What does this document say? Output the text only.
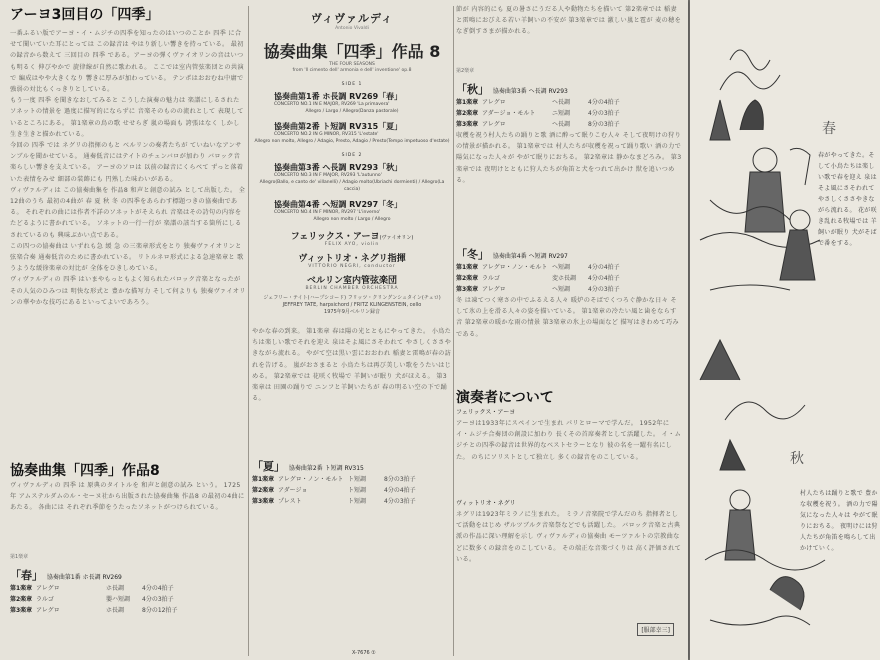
アーヨ3回目の「四季」

一番ふるい版でアーヨ・イ・ムジチの四季を知ったのはいつのことか 四季 に合せて聞いていた耳にとっては この録音は やはり新しい響きを持っている。 最初の録音から数えて 三回目の 四季 である。アーヨの弾くヴァイオリンの音はいつも明るく 伸びやかで 旋律線が自然に歌われる。 ここでは室内管弦楽団との共演で 編成はやや大きくなり 響きに厚みが加わっている。 テンポはおおむね中庸で 強弱の対比もくっきりとしている。

もう一度 四季 を聞きなおしてみると こうした演奏の魅力は 楽譜にしるされたソネットの情景を 過度に描写的にならずに 音楽そのものの流れとして 表現しているところにある。 第1楽章の鳥の歌 せせらぎ 嵐の場面も 誇張はなく しかし生き生きと描かれている。

今回の 四季 では ネグリの指揮のもと ベルリンの奏者たちが ていねいなアンサンブルを聞かせている。 通奏低音にはテイトのチェンバロが加わり バロック音楽らしい響きを支えている。 アーヨのソロは 以前の録音にくらべて ずっと落着いた表情をみせ 細部の装飾にも 円熟した味わいがある。

ヴィヴァルディは この協奏曲集を 作品8 和声と創意の試み として出版した。 全12曲のうち 最初の4曲が 春 夏 秋 冬 の四季をあらわす標題つきの協奏曲である。 それぞれの曲には作者不詳のソネットがそえられ 音楽はその詩句の内容をたどるように書かれている。 ソネットの一行一行が 楽譜の該当する箇所にしるされているのも 興味ぶかい点である。

この四つの協奏曲は いずれも急 緩 急 の三楽章形式をとり 独奏ヴァイオリンと弦楽合奏 通奏低音のために書かれている。 リトルネロ形式による急速楽章と 歌うような緩徐楽章の対比が 全体をひきしめている。

ヴィヴァルディの 四季 はいまやもっともよく知られたバロック音楽となったが その人気のひみつは 明快な形式と 豊かな描写力 そして何よりも 独奏ヴァイオリンの華やかな技巧にあるといってよいであろう。

協奏曲集「四季」作品8

ヴィヴァルディの 四季 は 原典のタイトルを 和声と創意の試み という。 1725年 アムステルダムのル・セーヌ社から出版された協奏曲集 作品8 の最初の4曲にあたる。 各曲には それぞれ季節をうたったソネットがつけられている。

第1楽章
「春」 協奏曲第1番 ホ長調 RV269
第1楽章 アレグロ	ホ長調	4分の4拍子
第2楽章 ラルゴ	嬰ハ短調	4分の3拍子
第3楽章 アレグロ	ホ長調	8分の12拍子
ヴィヴァルディ
Antonio Vivaldi
協奏曲集「四季」作品 8
THE FOUR SEASONS
from 'Il cimento dell' armonia e dell' inventione' op.8
SIDE 1
協奏曲第1番 ホ長調 RV269「春」
CONCERTO NO.1 IN E MAJOR, RV269 'La primavera'
Allegro / Largo / Allegro(Danza pastorale)
協奏曲第2番 ト短調 RV315「夏」
CONCERTO NO.2 IN G MINOR, RV315 'L'estate'
Allegro non molto, Allegro / Adagio, Presto, Adagio / Presto(Tempo impetuoso d'estate)
SIDE 2
協奏曲第3番 ヘ長調 RV293「秋」
CONCERTO NO.3 IN F MAJOR, RV293 'L'autunno'
Allegro(Ballo, e canto de' villanelli) / Adagio molto(Ubriachi dormienti) / Allegro(La caccia)
協奏曲第4番 ヘ短調 RV297「冬」
CONCERTO NO.4 IN F MINOR, RV297 'L'inverno'
Allegro non molto / Largo / Allegro
フェリックス・アーヨ(ヴァイオリン)
FELIX AYO, violin
ヴィットリオ・ネグリ指揮
VITTORIO NEGRI, conductor
ベルリン室内管弦楽団
BERLIN CHAMBER ORCHESTRA
ジェフリー・テイト(ハープシコード) フリッツ・クリングンシュタイン(チェロ)
JEFFREY TATE, harpsichord / FRITZ KLINGENSTEIN, cello
1975年9月ベルリン録音

やかな春の到来。 第1楽章 春は陽の光とともにやってきた。 小鳥たちは楽しい歌でそれを迎え 泉はそよ風にさそわれて やさしくささやきながら流れる。 やがて空は黒い雲におおわれ 稲妻と雷鳴が春の訪れを告げる。 嵐がおさまると 小鳥たちは再び美しい歌をうたいはじめる。 第2楽章では 花咲く牧場で 羊飼いが眠り 犬がほえる。 第3楽章は 田園の踊りで ニンフと羊飼いたちが 春の明るい空の下で踊る。

「夏」 協奏曲第2番 ト短調 RV315
第1楽章 アレグロ・ノン・モルト ト短調	8分の3拍子
第2楽章 アダージョ	ト短調	4分の4拍子
第3楽章 プレスト	ト短調	4分の3拍子
X-7676 ①

節が 内容的にも 夏の暑さにうだる人や動物たちを描いて 第2楽章では 稲妻と雷鳴におびえる若い羊飼いの不安が 第3楽章では 激しい嵐と雹が 麦の穂をなぎ倒すさまが描かれる。

第2楽章
「秋」 協奏曲第3番 ヘ長調 RV293
第1楽章 アレグロ	ヘ長調	4分の4拍子
第2楽章 アダージョ・モルト	ニ短調	4分の3拍子
第3楽章 アレグロ	ヘ長調	8分の3拍子

収穫を祝う村人たちの踊りと歌 酒に酔って眠りこむ人々 そして夜明けの狩りの情景が描かれる。 第1楽章では 村人たちが収穫を祝って踊り歌い 酒の力で陽気になった人々が やがて眠りにおちる。 第2楽章は 静かなまどろみ。 第3楽章では 夜明けとともに狩人たちが角笛と犬をつれて出かけ 獣を追いつめる。

「冬」 協奏曲第4番 ヘ短調 RV297
第1楽章 アレグロ・ノン・モルト ヘ短調	4分の4拍子
第2楽章 ラルゴ	変ホ長調	4分の4拍子
第3楽章 アレグロ	ヘ短調	4分の3拍子

冬 は凍てつく寒さの中でふるえる人々 暖炉のそばでくつろぐ静かな日々 そして氷の上を滑る人々の姿を描いている。 第1楽章の冷たい風と歯をならす音 第2楽章の暖かな雨の情景 第3楽章の氷上の場面など 描写はきわめて巧みである。

演奏者について
フェリックス・アーヨ

アーヨは1933年にスペインで生まれ パリとローマで学んだ。 1952年にイ・ムジチ合奏団の創設に加わり 長くその首席奏者として活躍した。 イ・ムジチとの四季の録音は世界的なベストセラーとなり 彼の名を一躍有名にした。 のちにソリストとして独立し 多くの録音をのこしている。

ヴィットリオ・ネグリ

ネグリは1923年ミラノに生まれた。 ミラノ音楽院で学んだのち 指揮者として活動をはじめ ザルツブルク音楽祭などでも活躍した。 バロック音楽と古典派の作品に深い理解を示し ヴィヴァルディの協奏曲 モーツァルトの宗教曲などに数多くの録音をのこしている。 その端正な音楽づくりは 高く評価されている。

[服部幸三]
春
春がやってきた。そして小鳥たちは楽しい歌で春を迎え 泉はそよ風にさそわれて やさしくささやきながら流れる。 花が咲き乱れる牧場では 羊飼いが眠り 犬がそばで番をする。
秋
村人たちは踊りと歌で 豊かな収穫を祝う。 酒の力で陽気になった人々は やがて眠りにおちる。 夜明けには狩人たちが角笛を鳴らして出かけていく。
